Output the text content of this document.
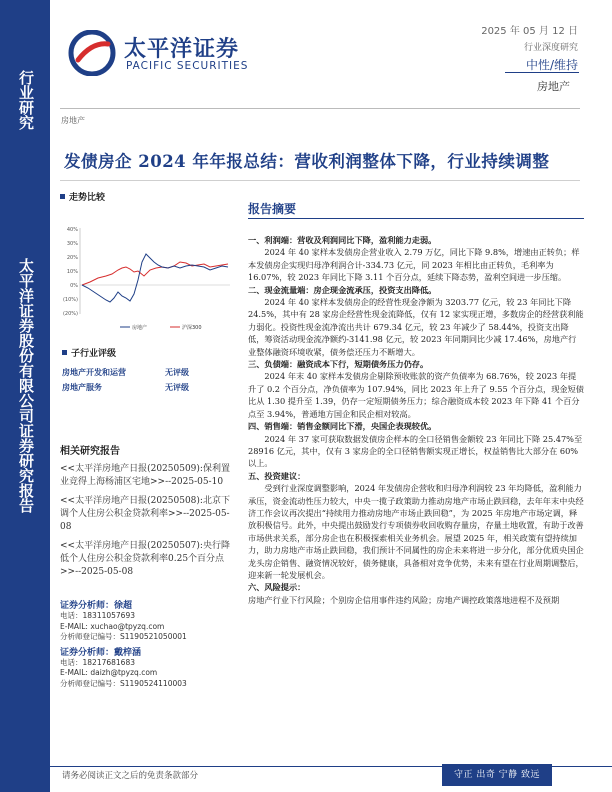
行业研究
太平洋证券股份有限公司证券研究报告
太平洋证券
PACIFIC SECURITIES
2025 年 05 月 12 日
行业深度研究
中性/维持
房地产
房地产
发债房企 2024 年年报总结：营收利润整体下降，行业持续调整
走势比较
40%
30%
20%
10%
0%
(10%)
(20%)
房地产	沪深300
子行业评级
房地产开发和运营	无评级
房地产服务	无评级
相关研究报告
<<太平洋房地产日报(20250509):保利置业竞得上海杨浦区宅地>>--2025-05-10
<<太平洋房地产日报(20250508):北京下调个人住房公积金贷款利率>>--2025-05-08
<<太平洋房地产日报(20250507):央行降低个人住房公积金贷款利率0.25个百分点>>--2025-05-08
证券分析师：徐超
电话：18311057693
E-MAIL: xuchao@tpyzq.com
分析师登记编号：S1190521050001
证券分析师：戴梓涵
电话：18217681683
E-MAIL: daizh@tpyzq.com
分析师登记编号：S1190524110003
报告摘要

一、利润端：营收及利润同比下降，盈利能力走弱。

2024 年 40 家样本发债房企营业收入 2.79 万亿，同比下降 9.8%，增速由正转负；样本发债房企实现归母净利润合计-334.73 亿元，同 2023 年相比由正转负，毛利率为 16.07%，较 2023 年同比下降 3.11 个百分点，延续下降态势，盈利空间进一步压缩。

二、现金流量端：房企现金流承压，投资支出降低。

2024 年 40 家样本发债房企的经营性现金净额为 3203.77 亿元，较 23 年同比下降 24.5%，其中有 28 家房企经营性现金流降低，仅有 12 家实现正增，多数房企的经营获利能力弱化。投资性现金流净流出共计 679.34 亿元，较 23 年减少了 58.44%，投资支出降低，筹资活动现金流净额约-3141.98 亿元，较 2023 年同期同比少减 17.46%，房地产行业整体融资环境收紧，债务偿还压力不断增大。

三、负债端：融资成本下行，短期债务压力仍存。

2024 年末 40 家样本发债房企剔除预收账款的资产负债率为 68.76%，较 2023 年提升了 0.2 个百分点，净负债率为 107.94%，同比 2023 年上升了 9.55 个百分点，现金短债比从 1.30 提升至 1.39，仍存一定短期债务压力；综合融资成本较 2023 年下降 41 个百分点至 3.94%，普通地方国企和民企相对较高。

四、销售端：销售金额同比下滑，央国企表现较优。

2024 年 37 家可获取数据发债房企样本的全口径销售金额较 23 年同比下降 25.47%至 28916 亿元，其中，仅有 3 家房企的全口径销售额实现正增长，权益销售比大部分在 60%以上。

五、投资建议：

受到行业深度调整影响，2024 年发债房企营收和归母净利润较 23 年均降低，盈利能力承压，资金流动性压力较大，中央一揽子政策助力推动房地产市场止跌回稳，去年年末中央经济工作会议再次提出“持续用力推动房地产市场止跌回稳”，为 2025 年房地产市场定调，释放积极信号。此外，中央提出鼓励发行专项债券收回收购存量房，存量土地收置，有助于改善市场供求关系，部分房企也在积极探索相关业务机会。展望 2025 年，相关政策有望持续加力，助力房地产市场止跌回稳，我们预计不同属性的房企未来将进一步分化，部分优质央国企龙头房企销售、融资情况较好，债务健康，具备相对竞争优势，未来有望在行业周期调整后，迎来新一轮发展机会。

六、风险提示：

房地产行业下行风险；个别房企信用事件违约风险；房地产调控政策落地进程不及预期

请务必阅读正文之后的免责条款部分	守正 出奇 宁静 致远
